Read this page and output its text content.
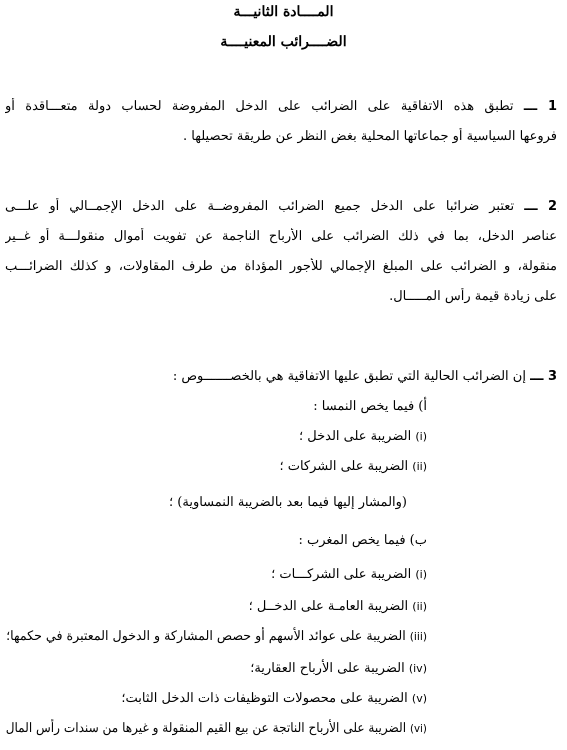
المــــادة الثانيـــة
الضــــرائب المعنيــــة
1 ـــ تطبق هذه الاتفاقية على الضرائب على الدخل المفروضة لحساب دولة متعـــاقدة أو
فروعها السياسية أو جماعاتها المحلية بغض النظر عن طريقة تحصيلها .
2 ـــ تعتبر ضرائبا على الدخل جميع الضرائب المفروضــة على الدخل الإجمــالي أو علـــى
عناصر الدخل، بما في ذلك الضرائب على الأرباح الناجمة عن تفويت أموال منقولـــة أو غــير
منقولة، و الضرائب على المبلغ الإجمالي للأجور المؤداة من طرف المقاولات، و كذلك الضرائـــب
على زيادة قيمة رأس المـــــال.
3 ـــ إن الضرائب الحالية التي تطبق عليها الاتفاقية هي بالخصـــــــوص :
أ) فيما يخص النمسا :
(i) الضريبة على الدخل ؛
(ii) الضريبة على الشركات ؛
(والمشار إليها فيما بعد بالضريبة النمساوية) ؛
ب) فيما يخص المغرب :
(i) الضريبة على الشركـــات ؛
(ii) الضريبة العامـة على الدخــل ؛
(iii) الضريبة على عوائد الأسهم أو حصص المشاركة و الدخول المعتبرة في حكمها؛
(iv) الضريبة على الأرباح العقارية؛
(v) الضريبة على محصولات التوظيفات ذات الدخل الثابت؛
(vi) الضريبة على الأرباح الناتجة عن بيع القيم المنقولة و غيرها من سندات رأس المال
